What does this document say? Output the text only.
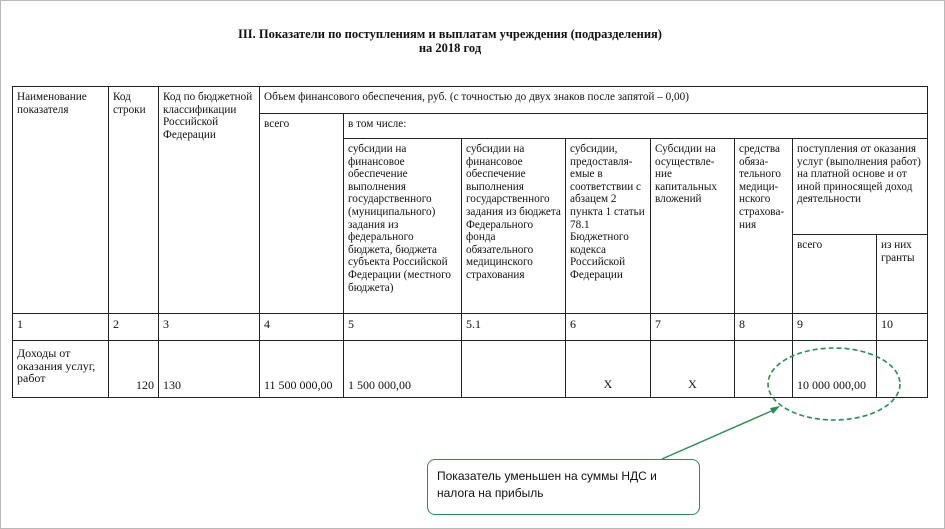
III. Показатели по поступлениям и выплатам учреждения (подразделения)
на 2018 год
Наименование показателя	Код строки	Код по бюджетной классификации Российской Федерации	Объем финансового обеспечения, руб. (с точностью до двух знаков после запятой – 0,00)							
			всего	в том числе:						
				субсидии на финансовое обеспечение выполнения государственного (муниципального) задания из федерального бюджета, бюджета субъекта Российской Федерации (местного бюджета)	субсидии на финансовое обеспечение выполнения государственного задания из бюджета Федерального фонда обязательного медицинского страхования	субсидии, предоставля-емые в соответствии с абзацем 2 пункта 1 статьи 78.1 Бюджетного кодекса Российской Федерации	Субсидии на осуществле-ние капитальных вложений	средства обяза-тельного медици-нского страхова-ния	поступления от оказания услуг (выполнения работ) на платной основе и от иной приносящей доход деятельности	
									всего	из них гранты
1	2	3	4	5	5.1	6	7	8	9	10
Доходы от оказания услуг, работ	120	130	11 500 000,00	1 500 000,00		Х	Х		10 000 000,00	
Показатель уменьшен на суммы НДС и налога на прибыль
